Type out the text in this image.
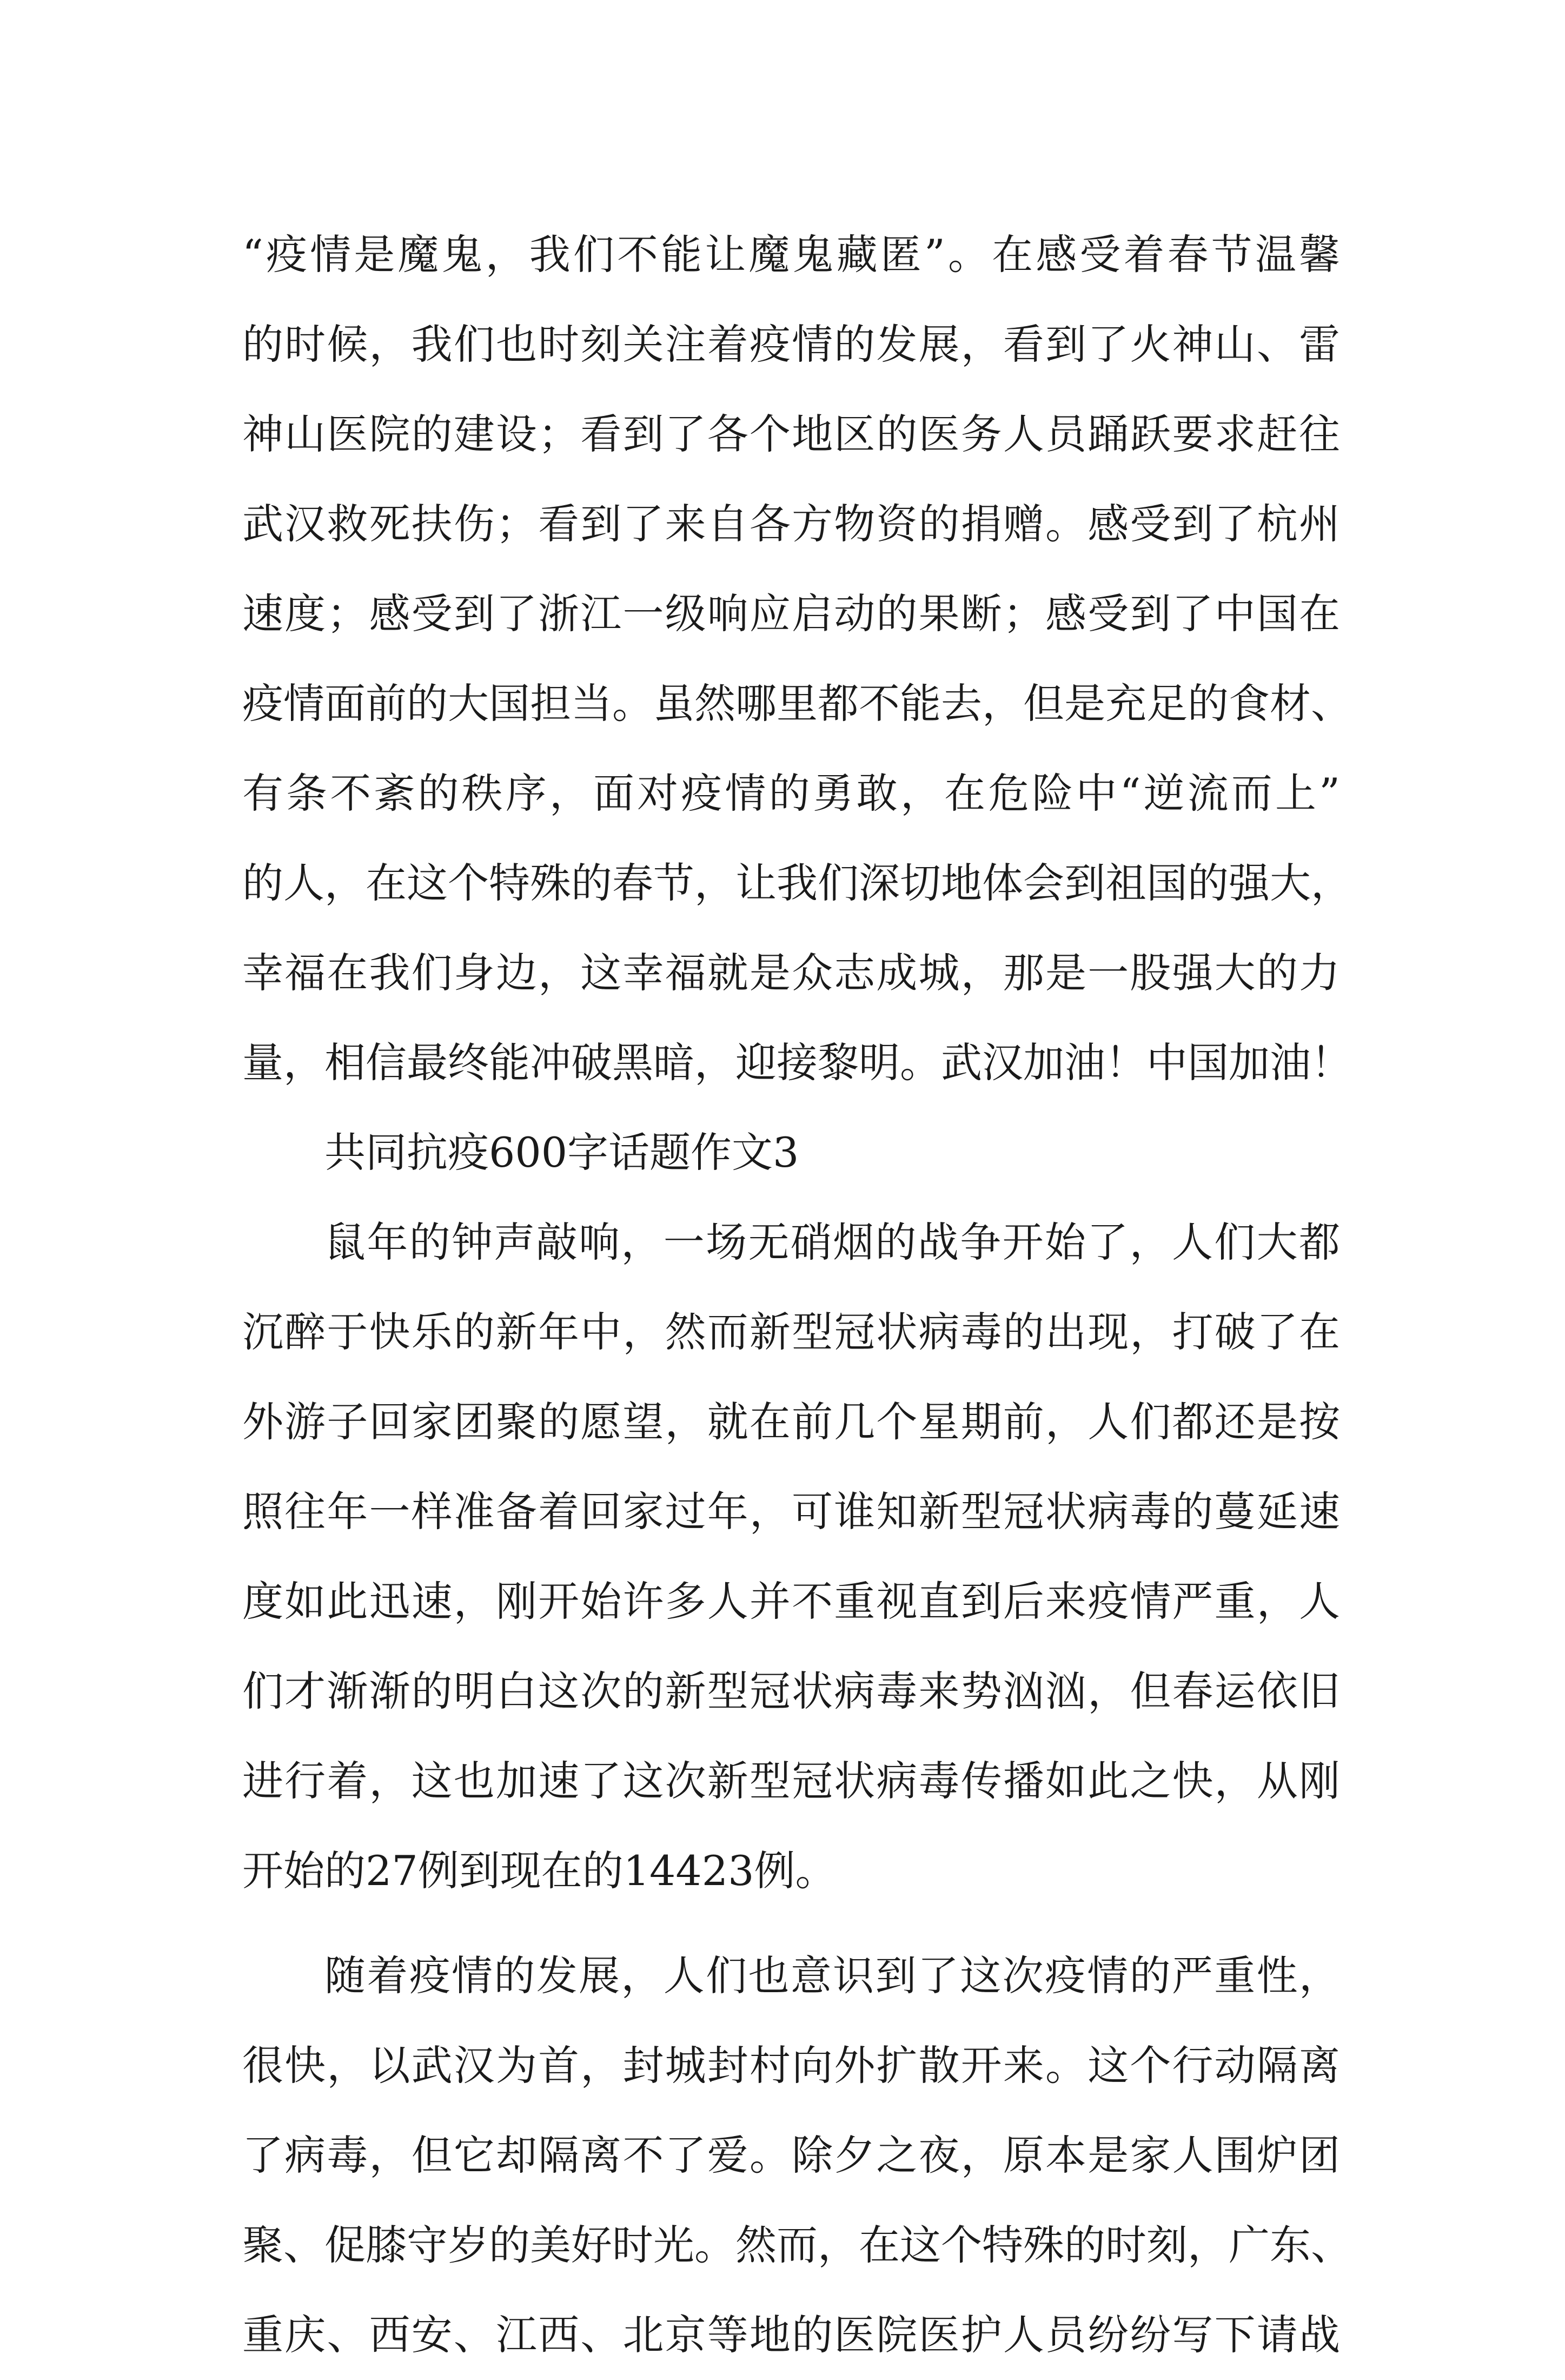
“疫情是魔鬼，我们不能让魔鬼藏匿”。在感受着春节温馨
的时候，我们也时刻关注着疫情的发展，看到了火神山、雷
神山医院的建设；看到了各个地区的医务人员踊跃要求赶往
武汉救死扶伤；看到了来自各方物资的捐赠。感受到了杭州
速度；感受到了浙江一级响应启动的果断；感受到了中国在
疫情面前的大国担当。虽然哪里都不能去，但是充足的食材、
有条不紊的秩序，面对疫情的勇敢，在危险中“逆流而上”
的人，在这个特殊的春节，让我们深切地体会到祖国的强大，
幸福在我们身边，这幸福就是众志成城，那是一股强大的力
量，相信最终能冲破黑暗，迎接黎明。武汉加油！中国加油！
共同抗疫600字话题作文3
鼠年的钟声敲响，一场无硝烟的战争开始了，人们大都
沉醉于快乐的新年中，然而新型冠状病毒的出现，打破了在
外游子回家团聚的愿望，就在前几个星期前，人们都还是按
照往年一样准备着回家过年，可谁知新型冠状病毒的蔓延速
度如此迅速，刚开始许多人并不重视直到后来疫情严重，人
们才渐渐的明白这次的新型冠状病毒来势汹汹，但春运依旧
进行着，这也加速了这次新型冠状病毒传播如此之快，从刚
开始的27例到现在的14423例。
随着疫情的发展，人们也意识到了这次疫情的严重性，
很快，以武汉为首，封城封村向外扩散开来。这个行动隔离
了病毒，但它却隔离不了爱。除夕之夜，原本是家人围炉团
聚、促膝守岁的美好时光。然而，在这个特殊的时刻，广东、
重庆、西安、江西、北京等地的医院医护人员纷纷写下请战
